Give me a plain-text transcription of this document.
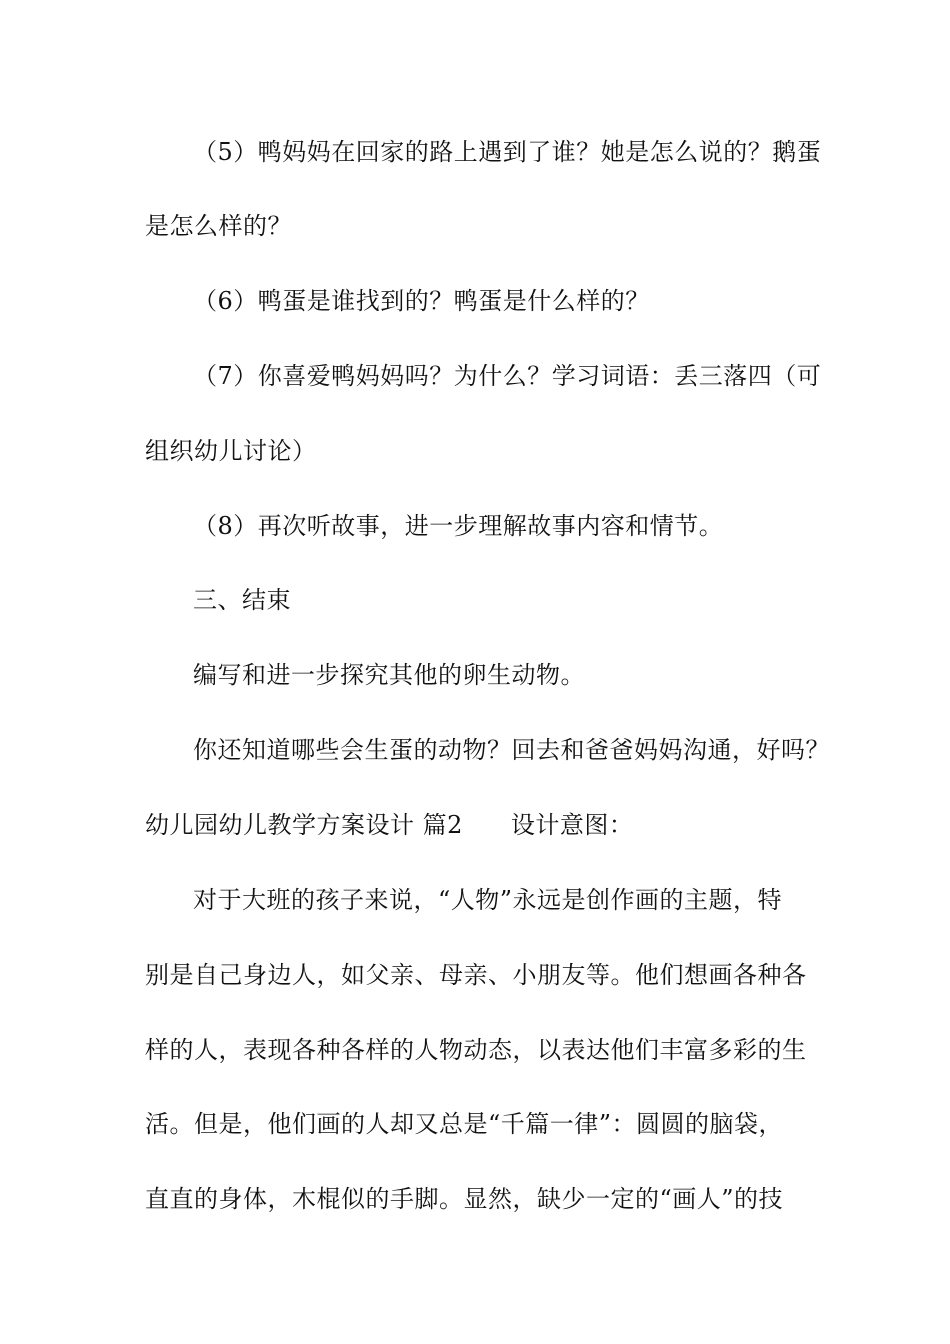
（5）鸭妈妈在回家的路上遇到了谁？她是怎么说的？鹅蛋
是怎么样的？
（6）鸭蛋是谁找到的？鸭蛋是什么样的？
（7）你喜爱鸭妈妈吗？为什么？学习词语：丢三落四（可
组织幼儿讨论）
（8）再次听故事，进一步理解故事内容和情节。
三、结束
编写和进一步探究其他的卵生动物。
你还知道哪些会生蛋的动物？回去和爸爸妈妈沟通，好吗？
幼儿园幼儿教学方案设计 篇2 设计意图：
对于大班的孩子来说，“人物”永远是创作画的主题，特
别是自己身边人，如父亲、母亲、小朋友等。他们想画各种各
样的人，表现各种各样的人物动态，以表达他们丰富多彩的生
活。但是，他们画的人却又总是“千篇一律”：圆圆的脑袋，
直直的身体，木棍似的手脚。显然，缺少一定的“画人”的技
